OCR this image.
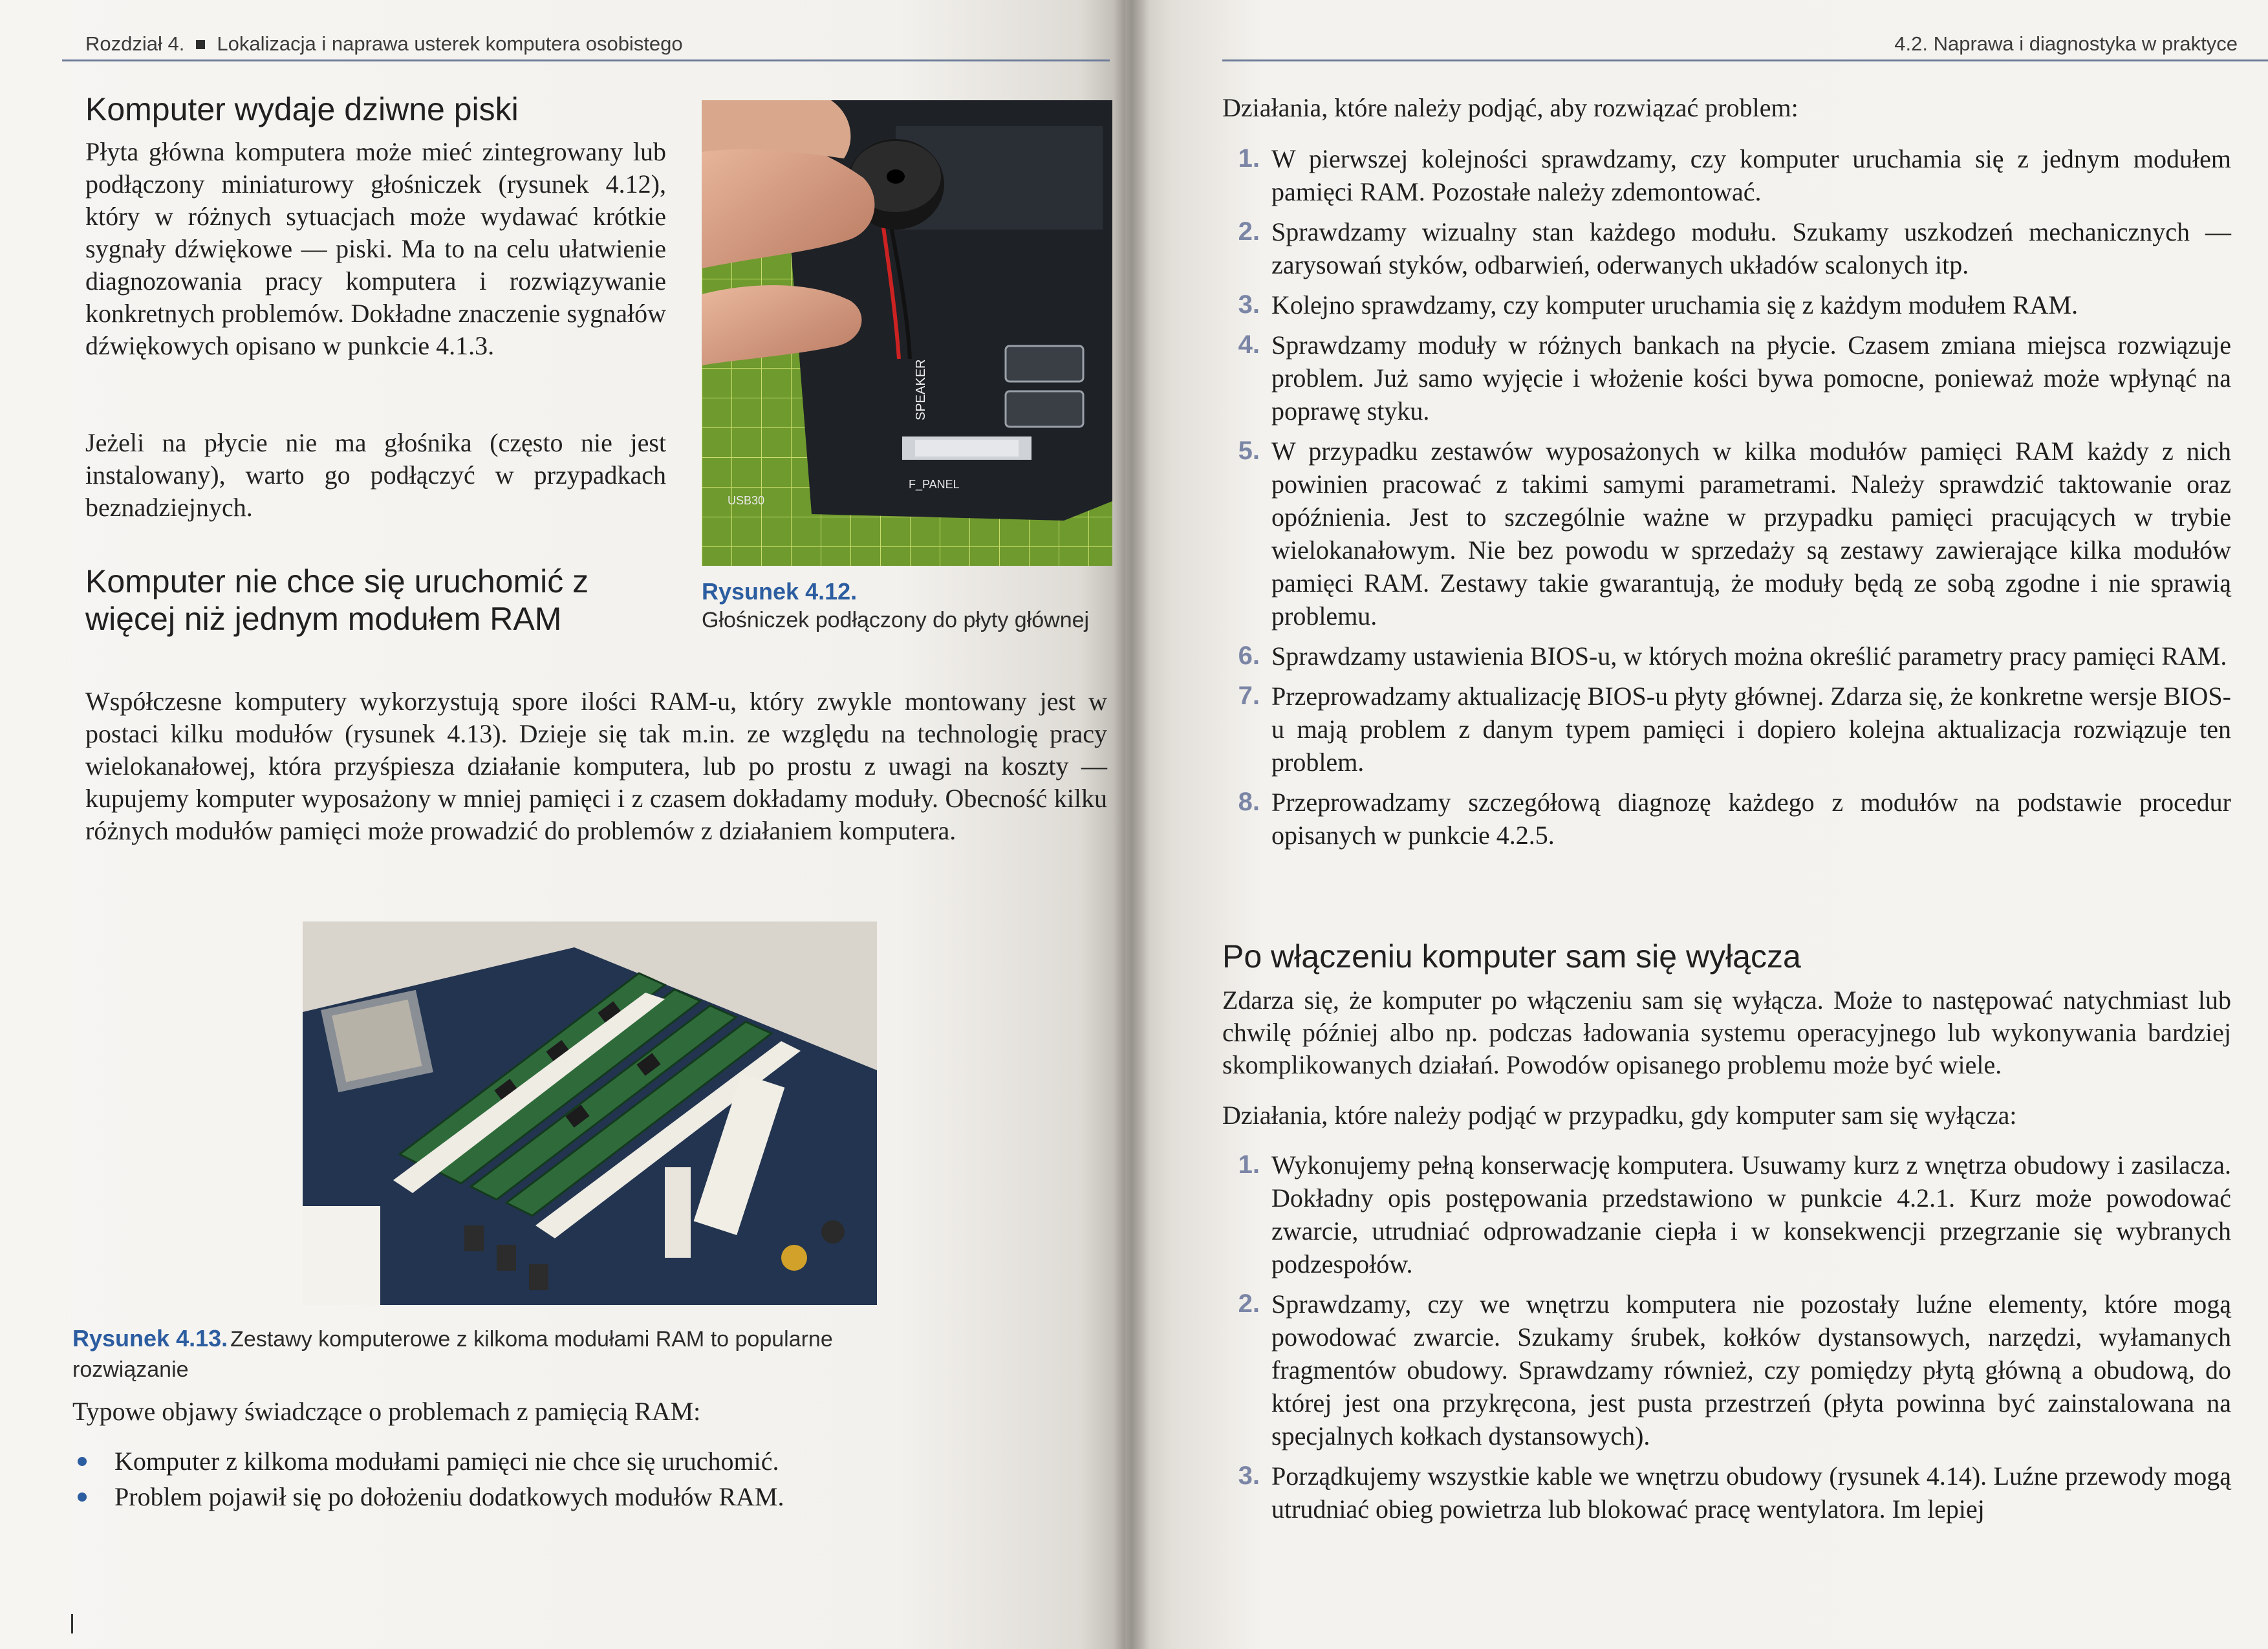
Rozdział 4. Lokalizacja i naprawa usterek komputera osobistego
Komputer wydaje dziwne piski

Płyta główna komputera może mieć zintegrowany lub podłączony miniaturowy głośniczek (rysunek 4.12), który w różnych sytuacjach może wydawać krótkie sygnały dźwiękowe — piski. Ma to na celu ułatwienie diagnozowania pracy komputera i rozwiązywanie konkretnych problemów. Dokładne znaczenie sygnałów dźwiękowych opisano w punkcie 4.1.3.

Jeżeli na płycie nie ma głośnika (często nie jest instalowany), warto go podłączyć w przypadkach beznadziejnych.

SPEAKER
USB30
F_PANEL
Rysunek 4.12.
Głośniczek podłączony do płyty głównej
Komputer nie chce się uruchomić z więcej niż jednym modułem RAM

Współczesne komputery wykorzystują spore ilości RAM-u, który zwykle montowany jest w postaci kilku modułów (rysunek 4.13). Dzieje się tak m.in. ze względu na technologię pracy wielokanałowej, która przyśpiesza działanie komputera, lub po prostu z uwagi na koszty — kupujemy komputer wyposażony w mniej pamięci i z czasem dokładamy moduły. Obecność kilku różnych modułów pamięci może prowadzić do problemów z działaniem komputera.

Rysunek 4.13. Zestawy komputerowe z kilkoma modułami RAM to popularne rozwiązanie

Typowe objawy świadczące o problemach z pamięcią RAM:

Komputer z kilkoma modułami pamięci nie chce się uruchomić.
Problem pojawił się po dołożeniu dodatkowych modułów RAM.
4.2. Naprawa i diagnostyka w praktyce

Działania, które należy podjąć, aby rozwiązać problem:

1. W pierwszej kolejności sprawdzamy, czy komputer uruchamia się z jednym modułem pamięci RAM. Pozostałe należy zdemontować.
2. Sprawdzamy wizualny stan każdego modułu. Szukamy uszkodzeń mechanicznych — zarysowań styków, odbarwień, oderwanych układów scalonych itp.
3. Kolejno sprawdzamy, czy komputer uruchamia się z każdym modułem RAM.
4. Sprawdzamy moduły w różnych bankach na płycie. Czasem zmiana miejsca rozwiązuje problem. Już samo wyjęcie i włożenie kości bywa pomocne, ponieważ może wpłynąć na poprawę styku.
5. W przypadku zestawów wyposażonych w kilka modułów pamięci RAM każdy z nich powinien pracować z takimi samymi parametrami. Należy sprawdzić taktowanie oraz opóźnienia. Jest to szczególnie ważne w przypadku pamięci pracujących w trybie wielokanałowym. Nie bez powodu w sprzedaży są zestawy zawierające kilka modułów pamięci RAM. Zestawy takie gwarantują, że moduły będą ze sobą zgodne i nie sprawią problemu.
6. Sprawdzamy ustawienia BIOS-u, w których można określić parametry pracy pamięci RAM.
7. Przeprowadzamy aktualizację BIOS-u płyty głównej. Zdarza się, że konkretne wersje BIOS-u mają problem z danym typem pamięci i dopiero kolejna aktualizacja rozwiązuje ten problem.
8. Przeprowadzamy szczegółową diagnozę każdego z modułów na podstawie procedur opisanych w punkcie 4.2.5.
Po włączeniu komputer sam się wyłącza

Zdarza się, że komputer po włączeniu sam się wyłącza. Może to następować natychmiast lub chwilę później albo np. podczas ładowania systemu operacyjnego lub wykonywania bardziej skomplikowanych działań. Powodów opisanego problemu może być wiele.

Działania, które należy podjąć w przypadku, gdy komputer sam się wyłącza:

1. Wykonujemy pełną konserwację komputera. Usuwamy kurz z wnętrza obudowy i zasilacza. Dokładny opis postępowania przedstawiono w punkcie 4.2.1. Kurz może powodować zwarcie, utrudniać odprowadzanie ciepła i w konsekwencji przegrzanie się wybranych podzespołów.
2. Sprawdzamy, czy we wnętrzu komputera nie pozostały luźne elementy, które mogą powodować zwarcie. Szukamy śrubek, kołków dystansowych, narzędzi, wyłamanych fragmentów obudowy. Sprawdzamy również, czy pomiędzy płytą główną a obudową, do której jest ona przykręcona, jest pusta przestrzeń (płyta powinna być zainstalowana na specjalnych kołkach dystansowych).
3. Porządkujemy wszystkie kable we wnętrzu obudowy (rysunek 4.14). Luźne przewody mogą utrudniać obieg powietrza lub blokować pracę wentylatora. Im lepiej
